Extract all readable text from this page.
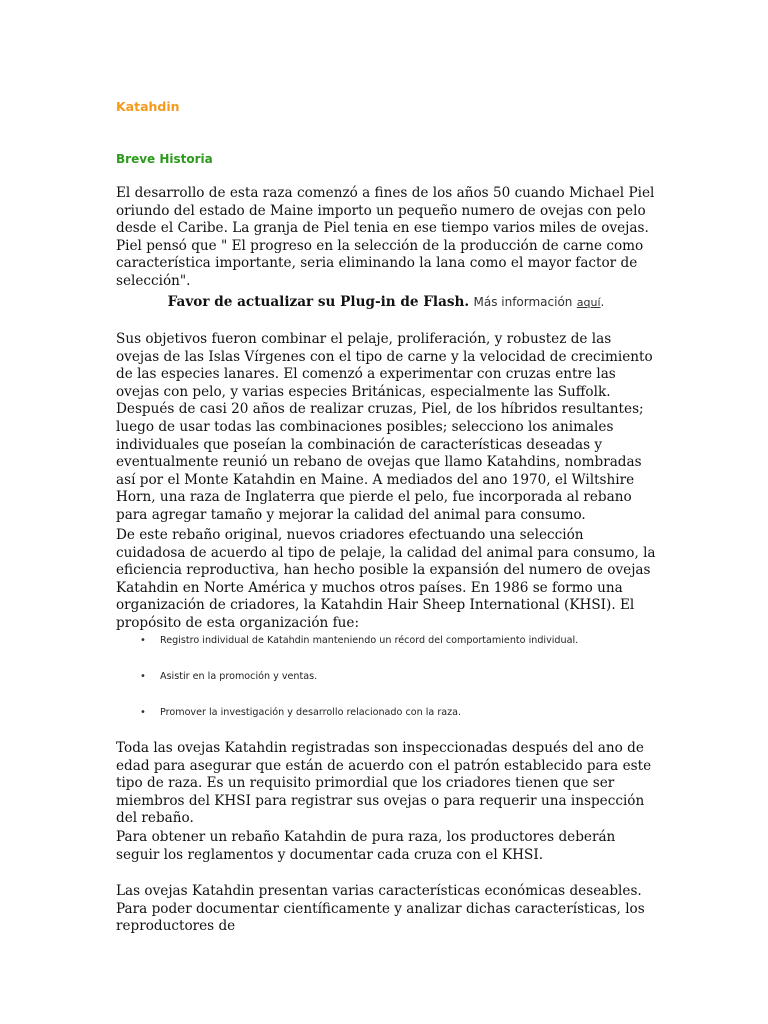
Katahdin
Breve Historia

El desarrollo de esta raza comenzó a fines de los años 50 cuando Michael Piel oriundo del estado de Maine importo un pequeño numero de ovejas con pelo desde el Caribe. La granja de Piel tenia en ese tiempo varios miles de ovejas. Piel pensó que " El progreso en la selección de la producción de carne como característica importante, seria eliminando la lana como el mayor factor de selección".

Favor de actualizar su Plug-in de Flash. Más información aquí.

Sus objetivos fueron combinar el pelaje, proliferación, y robustez de las ovejas de las Islas Vírgenes con el tipo de carne y la velocidad de crecimiento de las especies lanares. El comenzó a experimentar con cruzas entre las ovejas con pelo, y varias especies Británicas, especialmente las Suffolk. Después de casi 20 años de realizar cruzas, Piel, de los híbridos resultantes; luego de usar todas las combinaciones posibles; selecciono los animales individuales que poseían la combinación de características deseadas y eventualmente reunió un rebano de ovejas que llamo Katahdins, nombradas así por el Monte Katahdin en Maine. A mediados del ano 1970, el Wiltshire Horn, una raza de Inglaterra que pierde el pelo, fue incorporada al rebano para agregar tamaño y mejorar la calidad del animal para consumo.

De este rebaño original, nuevos criadores efectuando una selección cuidadosa de acuerdo al tipo de pelaje, la calidad del animal para consumo, la eficiencia reproductiva, han hecho posible la expansión del numero de ovejas Katahdin en Norte América y muchos otros países. En 1986 se formo una organización de criadores, la Katahdin Hair Sheep International (KHSI). El propósito de esta organización fue:

• Registro individual de Katahdin manteniendo un récord del comportamiento individual.
• Asistir en la promoción y ventas.
• Promover la investigación y desarrollo relacionado con la raza.

Toda las ovejas Katahdin registradas son inspeccionadas después del ano de edad para asegurar que están de acuerdo con el patrón establecido para este tipo de raza. Es un requisito primordial que los criadores tienen que ser miembros del KHSI para registrar sus ovejas o para requerir una inspección del rebaño.

Para obtener un rebaño Katahdin de pura raza, los productores deberán seguir los reglamentos y documentar cada cruza con el KHSI.

Las ovejas Katahdin presentan varias características económicas deseables. Para poder documentar científicamente y analizar dichas características, los reproductores de
